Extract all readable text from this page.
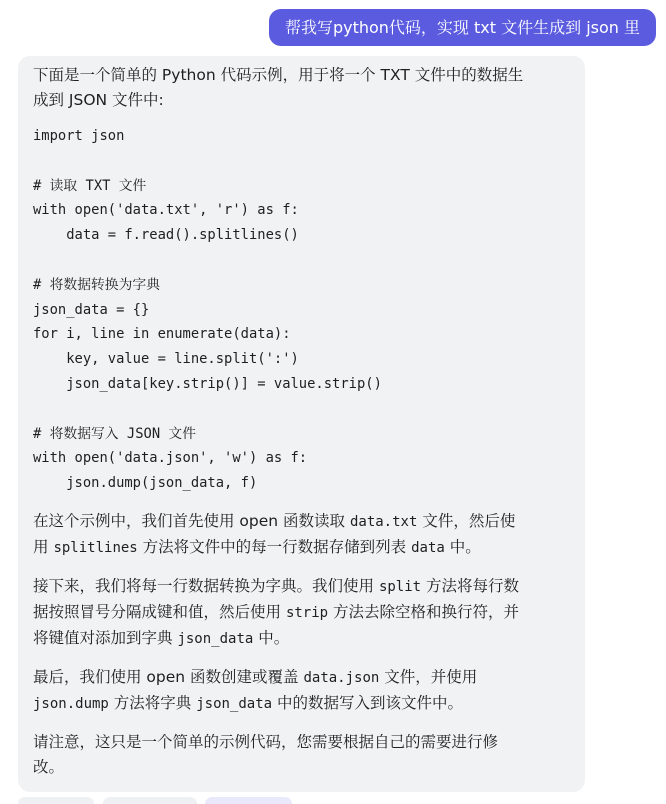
帮我写python代码，实现 txt 文件生成到 json 里

下面是一个简单的 Python 代码示例，用于将一个 TXT 文件中的数据生
成到 JSON 文件中:

import json
# 读取 TXT 文件
with open('data.txt', 'r') as f:
data = f.read().splitlines()
# 将数据转换为字典
json_data = {}
for i, line in enumerate(data):
key, value = line.split(':')
json_data[key.strip()] = value.strip()
# 将数据写入 JSON 文件
with open('data.json', 'w') as f:
json.dump(json_data, f)

在这个示例中，我们首先使用 open 函数读取 data.txt 文件，然后使
用 splitlines 方法将文件中的每一行数据存储到列表 data 中。

接下来，我们将每一行数据转换为字典。我们使用 split 方法将每行数
据按照冒号分隔成键和值，然后使用 strip 方法去除空格和换行符，并
将键值对添加到字典 json_data 中。

最后，我们使用 open 函数创建或覆盖 data.json 文件，并使用
json.dump 方法将字典 json_data 中的数据写入到该文件中。

请注意，这只是一个简单的示例代码，您需要根据自己的需要进行修
改。
